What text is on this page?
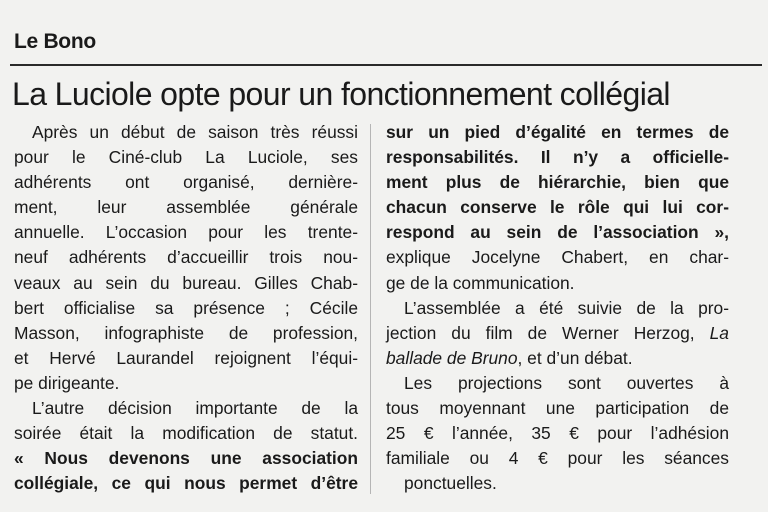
Le Bono
La Luciole opte pour un fonctionnement collégial
Après un début de saison très réussi
pour le Ciné-club La Luciole, ses
adhérents ont organisé, dernière-
ment, leur assemblée générale
annuelle. L’occasion pour les trente-
neuf adhérents d’accueillir trois nou-
veaux au sein du bureau. Gilles Chab-
bert officialise sa présence ; Cécile
Masson, infographiste de profession,
et Hervé Laurandel rejoignent l’équi-
pe dirigeante.
L’autre décision importante de la
soirée était la modification de statut.
« Nous devenons une association
collégiale, ce qui nous permet d’être
sur un pied d’égalité en termes de
responsabilités. Il n’y a officielle-
ment plus de hiérarchie, bien que
chacun conserve le rôle qui lui cor-
respond au sein de l’association »,
explique Jocelyne Chabert, en char-
ge de la communication.
L’assemblée a été suivie de la pro-
jection du film de Werner Herzog, La
ballade de Bruno, et d’un débat.
Les projections sont ouvertes à
tous moyennant une participation de
25 € l’année, 35 € pour l’adhésion
familiale ou 4 € pour les séances
ponctuelles.
